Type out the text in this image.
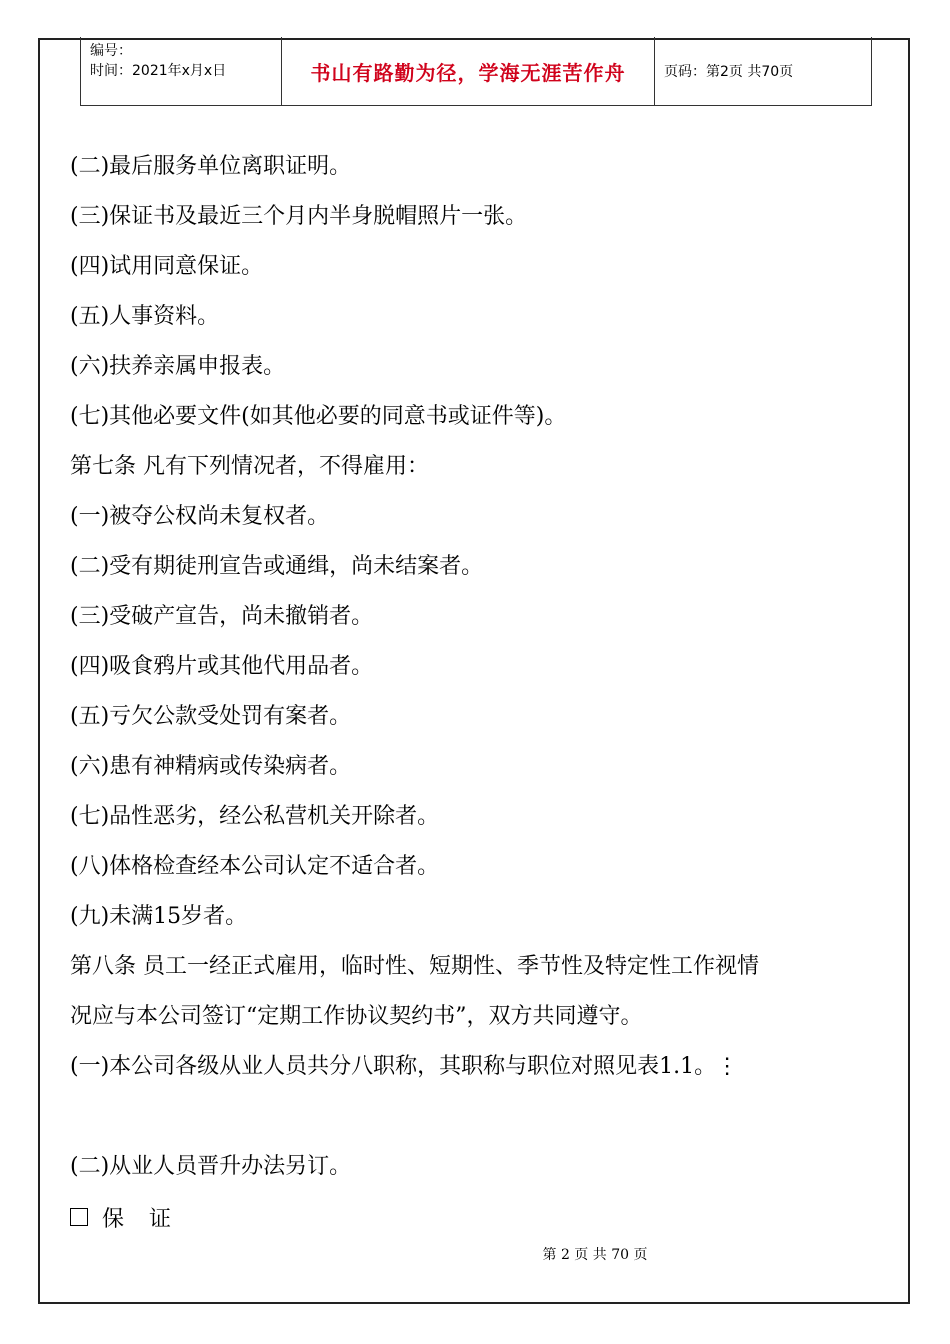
编号：
时间：2021年x月x日	书山有路勤为径，学海无涯苦作舟	页码：第2页 共70页
(二)最后服务单位离职证明。
(三)保证书及最近三个月内半身脱帽照片一张。
(四)试用同意保证。
(五)人事资料。
(六)扶养亲属申报表。
(七)其他必要文件(如其他必要的同意书或证件等)。
第七条 凡有下列情况者，不得雇用：
(一)被夺公权尚未复权者。
(二)受有期徒刑宣告或通缉，尚未结案者。
(三)受破产宣告，尚未撤销者。
(四)吸食鸦片或其他代用品者。
(五)亏欠公款受处罚有案者。
(六)患有神精病或传染病者。
(七)品性恶劣，经公私营机关开除者。
(八)体格检查经本公司认定不适合者。
(九)未满15岁者。
第八条 员工一经正式雇用，临时性、短期性、季节性及特定性工作视情
况应与本公司签订“定期工作协议契约书”，双方共同遵守。
(一)本公司各级从业人员共分八职称，其职称与职位对照见表1.1。⋮
(二)从业人员晋升办法另订。
保 证
第 2 页 共 70 页
